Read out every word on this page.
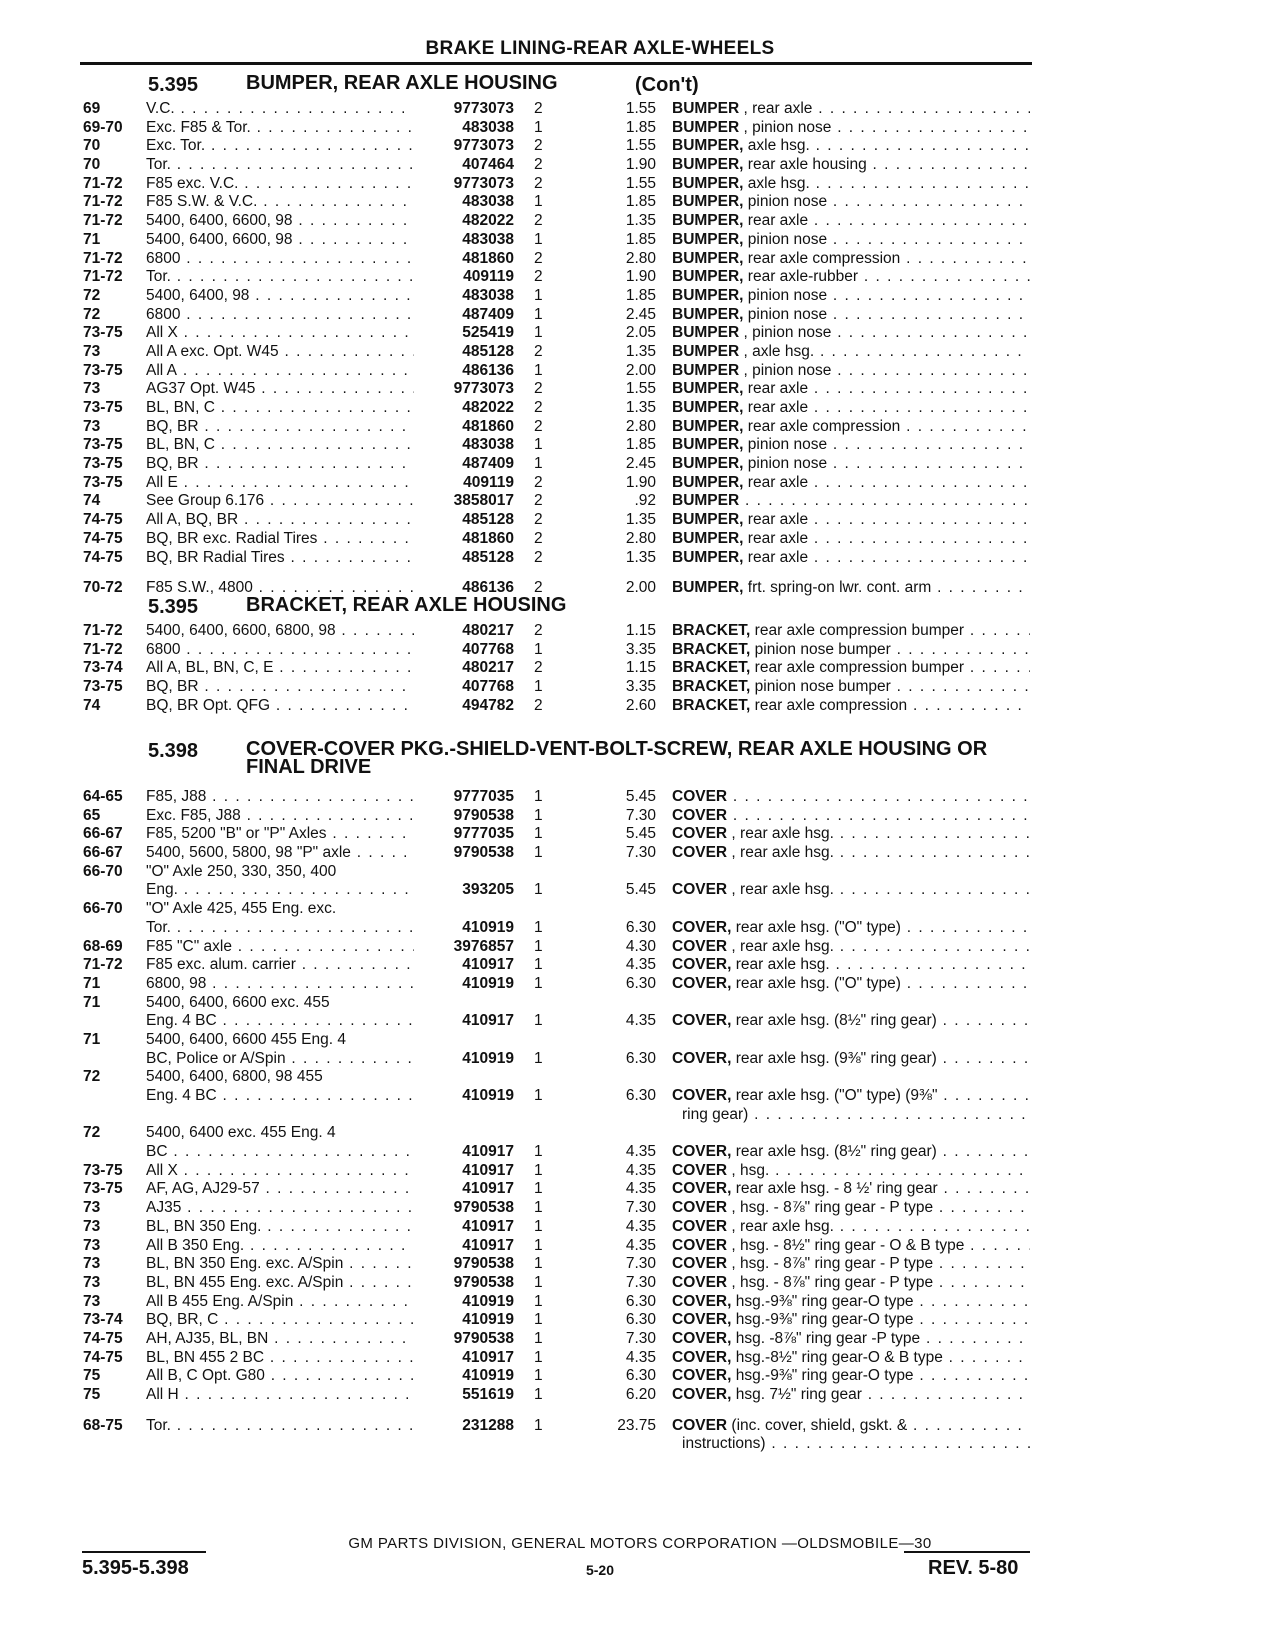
BRAKE LINING-REAR AXLE-WHEELS
5.395 BUMPER, REAR AXLE HOUSING	(Con't)
69	V.C. . . .	9773073 2	1.55 BUMPER , rear axle . . .
69-70 Exc. F85 & Tor. . . .	483038 1	1.85 BUMPER , pinion nose . . .
70	Exc. Tor. . . .	9773073 2	1.55 BUMPER, axle hsg. . . .
70	Tor. . . .	407464 2	1.90 BUMPER, rear axle housing . . .
71-72 F85 exc. V.C. . . .	9773073 2	1.55 BUMPER, axle hsg. . . .
71-72 F85 S.W. & V.C. . . .	483038 1	1.85 BUMPER, pinion nose . . .
71-72 5400, 6400, 6600, 98 . . .	482022 2	1.35 BUMPER, rear axle . . .
71	5400, 6400, 6600, 98 . . .	483038 1	1.85 BUMPER, pinion nose . . .
71-72 6800 . . .	481860 2	2.80 BUMPER, rear axle compression . . .
71-72 Tor. . . .	409119 2	1.90 BUMPER, rear axle-rubber . . .
72	5400, 6400, 98 . . .	483038 1	1.85 BUMPER, pinion nose . . .
72	6800 . . .	487409 1	2.45 BUMPER, pinion nose . . .
73-75 All X . . .	525419 1	2.05 BUMPER , pinion nose . . .
73	All A exc. Opt. W45 . . .	485128 2	1.35 BUMPER , axle hsg. . . .
73-75 All A . . .	486136 1	2.00 BUMPER , pinion nose . . .
73	AG37 Opt. W45 . . .	9773073 2	1.55 BUMPER, rear axle . . .
73-75 BL, BN, C . . .	482022 2	1.35 BUMPER, rear axle . . .
73	BQ, BR . . .	481860 2	2.80 BUMPER, rear axle compression . . .
73-75 BL, BN, C . . .	483038 1	1.85 BUMPER, pinion nose . . .
73-75 BQ, BR . . .	487409 1	2.45 BUMPER, pinion nose . . .
73-75 All E . . .	409119 2	1.90 BUMPER, rear axle . . .
74	See Group 6.176 . . .	3858017 2	.92 BUMPER . . .
74-75 All A, BQ, BR . . .	485128 2	1.35 BUMPER, rear axle . . .
74-75 BQ, BR exc. Radial Tires . . .	481860 2	2.80 BUMPER, rear axle . . .
74-75 BQ, BR Radial Tires . . .	485128 2	1.35 BUMPER, rear axle . . .
70-72 F85 S.W., 4800 . . .	486136 2	2.00 BUMPER, frt. spring-on lwr. cont. arm . . .
5.395 BRACKET, REAR AXLE HOUSING
71-72 5400, 6400, 6600, 6800, 98 . . .	480217 2	1.15 BRACKET, rear axle compression bumper . . .
71-72 6800 . . .	407768 1	3.35 BRACKET, pinion nose bumper . . .
73-74 All A, BL, BN, C, E . . .	480217 2	1.15 BRACKET, rear axle compression bumper . . .
73-75 BQ, BR . . .	407768 1	3.35 BRACKET, pinion nose bumper . . .
74	BQ, BR Opt. QFG . . .	494782 2	2.60 BRACKET, rear axle compression . . .
5.398 COVER-COVER PKG.-SHIELD-VENT-BOLT-SCREW, REAR AXLE HOUSING OR FINAL DRIVE
64-65 F85, J88 . . .	9777035 1	5.45 COVER . . .
65	Exc. F85, J88 . . .	9790538 1	7.30 COVER . . .
66-67 F85, 5200 "B" or "P" Axles . . .	9777035 1	5.45 COVER , rear axle hsg. . . .
66-67 5400, 5600, 5800, 98 "P" axle . . .	9790538 1	7.30 COVER , rear axle hsg. . . .
66-70 "O" Axle 250, 330, 350, 400
Eng. . . .	393205 1	5.45 COVER , rear axle hsg. . . .
66-70 "O" Axle 425, 455 Eng. exc.
Tor. . . .	410919 1	6.30 COVER, rear axle hsg. ("O" type) . . .
68-69 F85 "C" axle . . .	3976857 1	4.30 COVER , rear axle hsg. . . .
71-72 F85 exc. alum. carrier . . .	410917 1	4.35 COVER, rear axle hsg. . . .
71	6800, 98 . . .	410919 1	6.30 COVER, rear axle hsg. ("O" type) . . .
71	5400, 6400, 6600 exc. 455
Eng. 4 BC . . .	410917 1	4.35 COVER, rear axle hsg. (8½" ring gear) . . .
71	5400, 6400, 6600 455 Eng. 4
BC, Police or A/Spin . . .	410919 1	6.30 COVER, rear axle hsg. (9⅜" ring gear) . . .
72	5400, 6400, 6800, 98 455
Eng. 4 BC . . .	410919 1	6.30 COVER, rear axle hsg. ("O" type) (9⅜" . . .
ring gear) . . .
72	5400, 6400 exc. 455 Eng. 4
BC . . .	410917 1	4.35 COVER, rear axle hsg. (8½" ring gear) . . .
73-75 All X . . .	410917 1	4.35 COVER , hsg. . . .
73-75 AF, AG, AJ29-57 . . .	410917 1	4.35 COVER, rear axle hsg. - 8 ½' ring gear . . .
73	AJ35 . . .	9790538 1	7.30 COVER , hsg. - 8⅞" ring gear - P type . . .
73	BL, BN 350 Eng. . . .	410917 1	4.35 COVER , rear axle hsg. . . .
73	All B 350 Eng. . . .	410917 1	4.35 COVER , hsg. - 8½" ring gear - O & B type . . .
73	BL, BN 350 Eng. exc. A/Spin . . .	9790538 1	7.30 COVER , hsg. - 8⅞" ring gear - P type . . .
73	BL, BN 455 Eng. exc. A/Spin . . .	9790538 1	7.30 COVER , hsg. - 8⅞" ring gear - P type . . .
73	All B 455 Eng. A/Spin . . .	410919 1	6.30 COVER, hsg.-9⅜" ring gear-O type . . .
73-74 BQ, BR, C . . .	410919 1	6.30 COVER, hsg.-9⅜" ring gear-O type . . .
74-75 AH, AJ35, BL, BN . . .	9790538 1	7.30 COVER, hsg. -8⅞" ring gear -P type . . .
74-75 BL, BN 455 2 BC . . .	410917 1	4.35 COVER, hsg.-8½" ring gear-O & B type . . .
75	All B, C Opt. G80 . . .	410919 1	6.30 COVER, hsg.-9⅜" ring gear-O type . . .
75	All H . . .	551619 1	6.20 COVER, hsg. 7½" ring gear . . .
68-75 Tor. . . .	231288 1	23.75 COVER (inc. cover, shield, gskt. & . . .
instructions) . . .
GM PARTS DIVISION, GENERAL MOTORS CORPORATION —OLDSMOBILE—30
5.395-5.398	5-20	REV. 5-80
